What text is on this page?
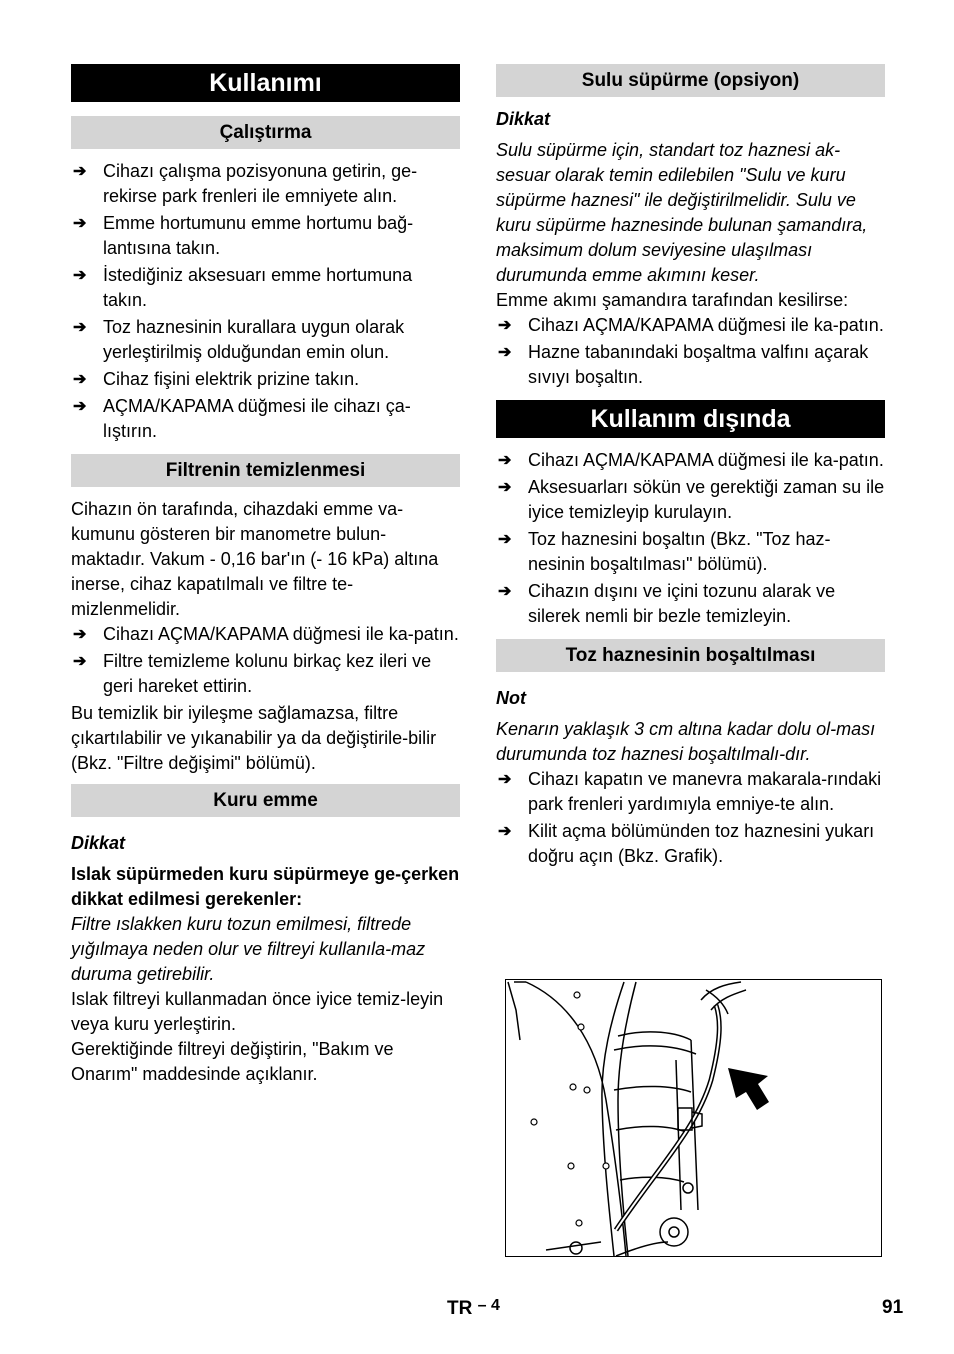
Kullanımı
Çalıştırma
➔ Cihazı çalışma pozisyonuna getirin, ge-rekirse park frenleri ile emniyete alın.
➔ Emme hortumunu emme hortumu bağ-lantısına takın.
➔ İstediğiniz aksesuarı emme hortumuna takın.
➔ Toz haznesinin kurallara uygun olarak yerleştirilmiş olduğundan emin olun.
➔ Cihaz fişini elektrik prizine takın.
➔ AÇMA/KAPAMA düğmesi ile cihazı ça-lıştırın.
Filtrenin temizlenmesi

Cihazın ön tarafında, cihazdaki emme va-kumunu gösteren bir manometre bulun-maktadır. Vakum - 0,16 bar'ın (- 16 kPa) altına inerse, cihaz kapatılmalı ve filtre te-mizlenmelidir.

➔ Cihazı AÇMA/KAPAMA düğmesi ile ka-patın.
➔ Filtre temizleme kolunu birkaç kez ileri ve geri hareket ettirin.

Bu temizlik bir iyileşme sağlamazsa, filtre çıkartılabilir ve yıkanabilir ya da değiştirile-bilir (Bkz. "Filtre değişimi" bölümü).

Kuru emme

Dikkat

Islak süpürmeden kuru süpürmeye ge-çerken dikkat edilmesi gerekenler:

Filtre ıslakken kuru tozun emilmesi, filtrede yığılmaya neden olur ve filtreyi kullanıla-maz duruma getirebilir.

Islak filtreyi kullanmadan önce iyice temiz-leyin veya kuru yerleştirin.

Gerektiğinde filtreyi değiştirin, "Bakım ve Onarım" maddesinde açıklanır.

Sulu süpürme (opsiyon)

Dikkat

Sulu süpürme için, standart toz haznesi ak-sesuar olarak temin edilebilen "Sulu ve kuru süpürme haznesi" ile değiştirilmelidir. Sulu ve kuru süpürme haznesinde bulunan şamandıra, maksimum dolum seviyesine ulaşılması durumunda emme akımını keser.

Emme akımı şamandıra tarafından kesilirse:

➔ Cihazı AÇMA/KAPAMA düğmesi ile ka-patın.
➔ Hazne tabanındaki boşaltma valfını açarak sıvıyı boşaltın.
Kullanım dışında
➔ Cihazı AÇMA/KAPAMA düğmesi ile ka-patın.
➔ Aksesuarları sökün ve gerektiği zaman su ile iyice temizleyip kurulayın.
➔ Toz haznesini boşaltın (Bkz. "Toz haz-nesinin boşaltılması" bölümü).
➔ Cihazın dışını ve içini tozunu alarak ve silerek nemli bir bezle temizleyin.
Toz haznesinin boşaltılması

Not

Kenarın yaklaşık 3 cm altına kadar dolu ol-ması durumunda toz haznesi boşaltılmalı-dır.

➔ Cihazı kapatın ve manevra makarala-rındaki park frenleri yardımıyla emniye-te alın.
➔ Kilit açma bölümünden toz haznesini yukarı doğru açın (Bkz. Grafik).
TR $^{- 4}$	91
